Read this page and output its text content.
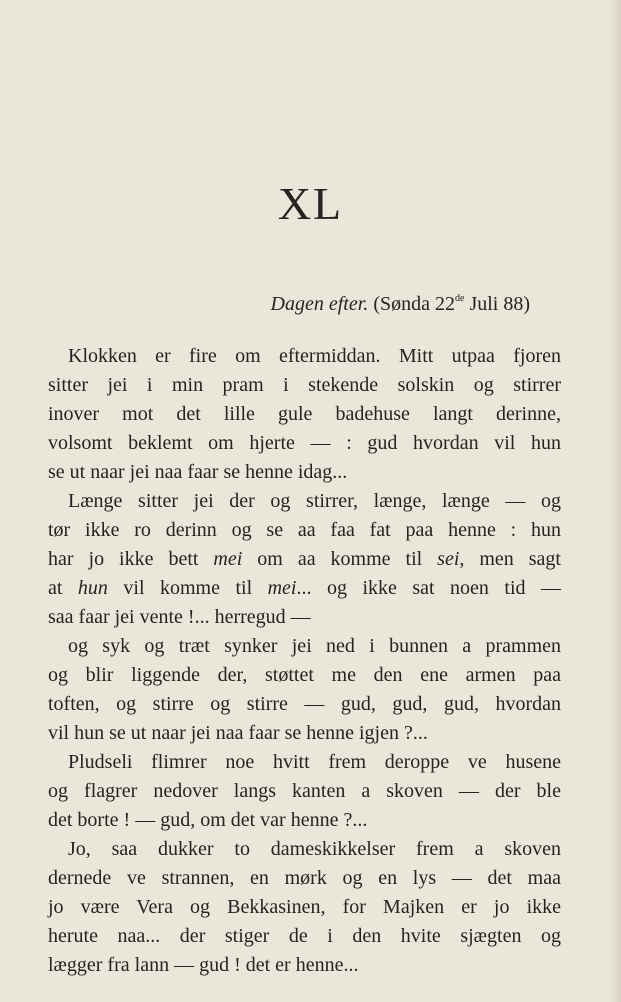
XL
Dagen efter. (Sønda 22de Juli 88)
Klokken er fire om eftermiddan. Mitt utpaa fjoren
sitter jei i min pram i stekende solskin og stirrer
inover mot det lille gule badehuse langt derinne,
volsomt beklemt om hjerte — : gud hvordan vil hun
se ut naar jei naa faar se henne idag...
Længe sitter jei der og stirrer, længe, længe — og
tør ikke ro derinn og se aa faa fat paa henne : hun
har jo ikke bett mei om aa komme til sei, men sagt
at hun vil komme til mei... og ikke sat noen tid —
saa faar jei vente !... herregud —
og syk og træt synker jei ned i bunnen a prammen
og blir liggende der, støttet me den ene armen paa
toften, og stirre og stirre — gud, gud, gud, hvordan
vil hun se ut naar jei naa faar se henne igjen ?...
Pludseli flimrer noe hvitt frem deroppe ve husene
og flagrer nedover langs kanten a skoven — der ble
det borte ! — gud, om det var henne ?...
Jo, saa dukker to dameskikkelser frem a skoven
dernede ve strannen, en mørk og en lys — det maa
jo være Vera og Bekkasinen, for Majken er jo ikke
herute naa... der stiger de i den hvite sjægten og
lægger fra lann — gud ! det er henne...
